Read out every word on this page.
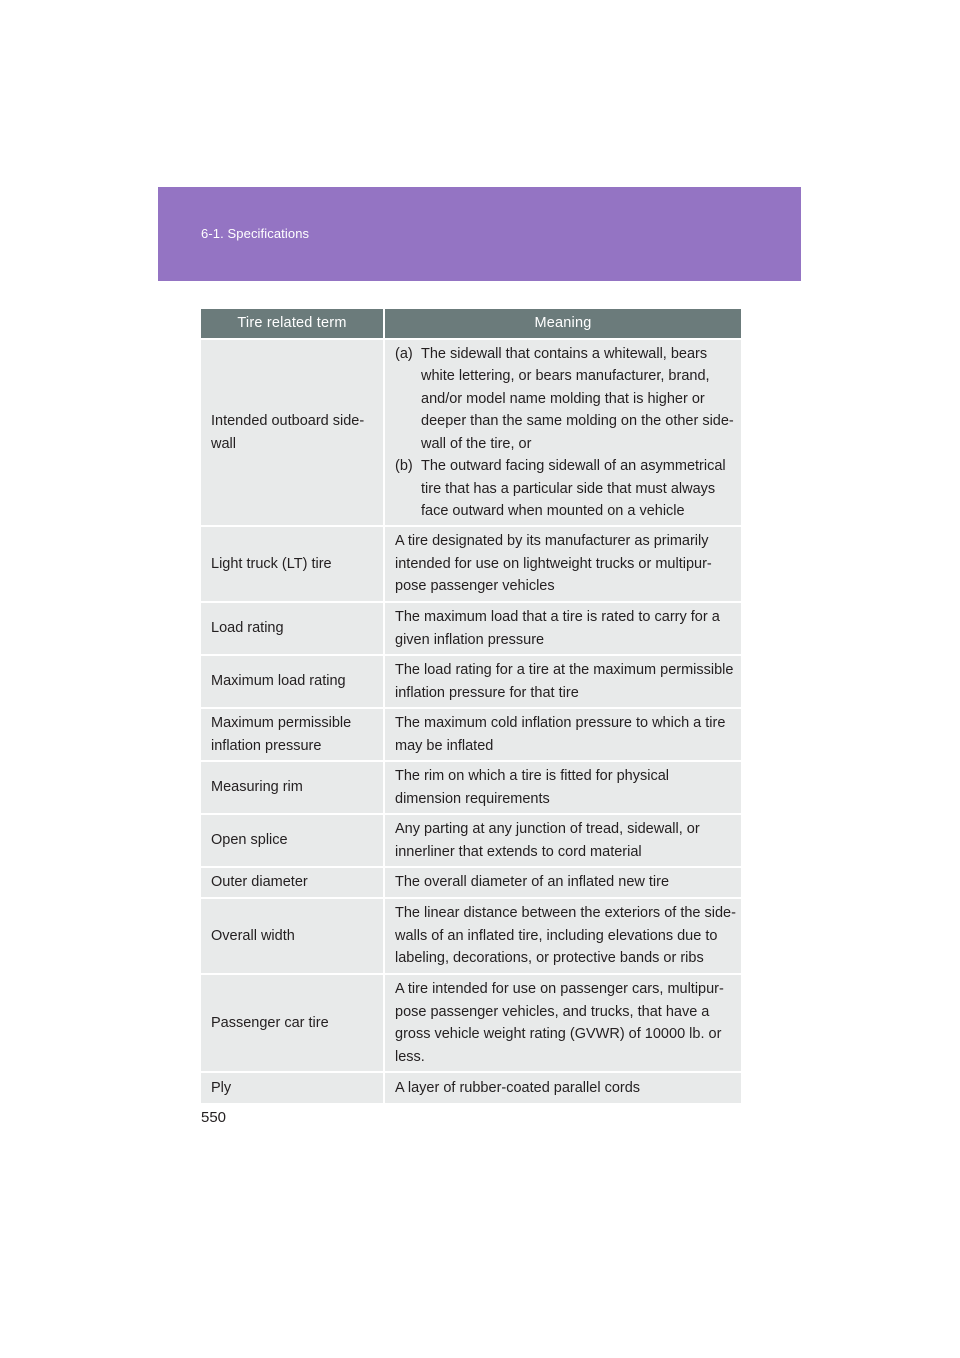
6-1. Specifications
Tire related term	Meaning
Intended outboard side-wall	(a) The sidewall that contains a whitewall, bears white lettering, or bears manufacturer, brand, and/or model name molding that is higher or deeper than the same molding on the other side-wall of the tire, or
(b) The outward facing sidewall of an asymmetrical tire that has a particular side that must always face outward when mounted on a vehicle

Light truck (LT) tire	A tire designated by its manufacturer as primarily intended for use on lightweight trucks or multipur-pose passenger vehicles
Load rating	The maximum load that a tire is rated to carry for a given inflation pressure
Maximum load rating	The load rating for a tire at the maximum permissible inflation pressure for that tire
Maximum permissible inflation pressure	The maximum cold inflation pressure to which a tire may be inflated
Measuring rim	The rim on which a tire is fitted for physical dimension requirements
Open splice	Any parting at any junction of tread, sidewall, or innerliner that extends to cord material
Outer diameter	The overall diameter of an inflated new tire
Overall width	The linear distance between the exteriors of the side-walls of an inflated tire, including elevations due to labeling, decorations, or protective bands or ribs
Passenger car tire	A tire intended for use on passenger cars, multipur-pose passenger vehicles, and trucks, that have a gross vehicle weight rating (GVWR) of 10000 lb. or less.
Ply	A layer of rubber-coated parallel cords
550
